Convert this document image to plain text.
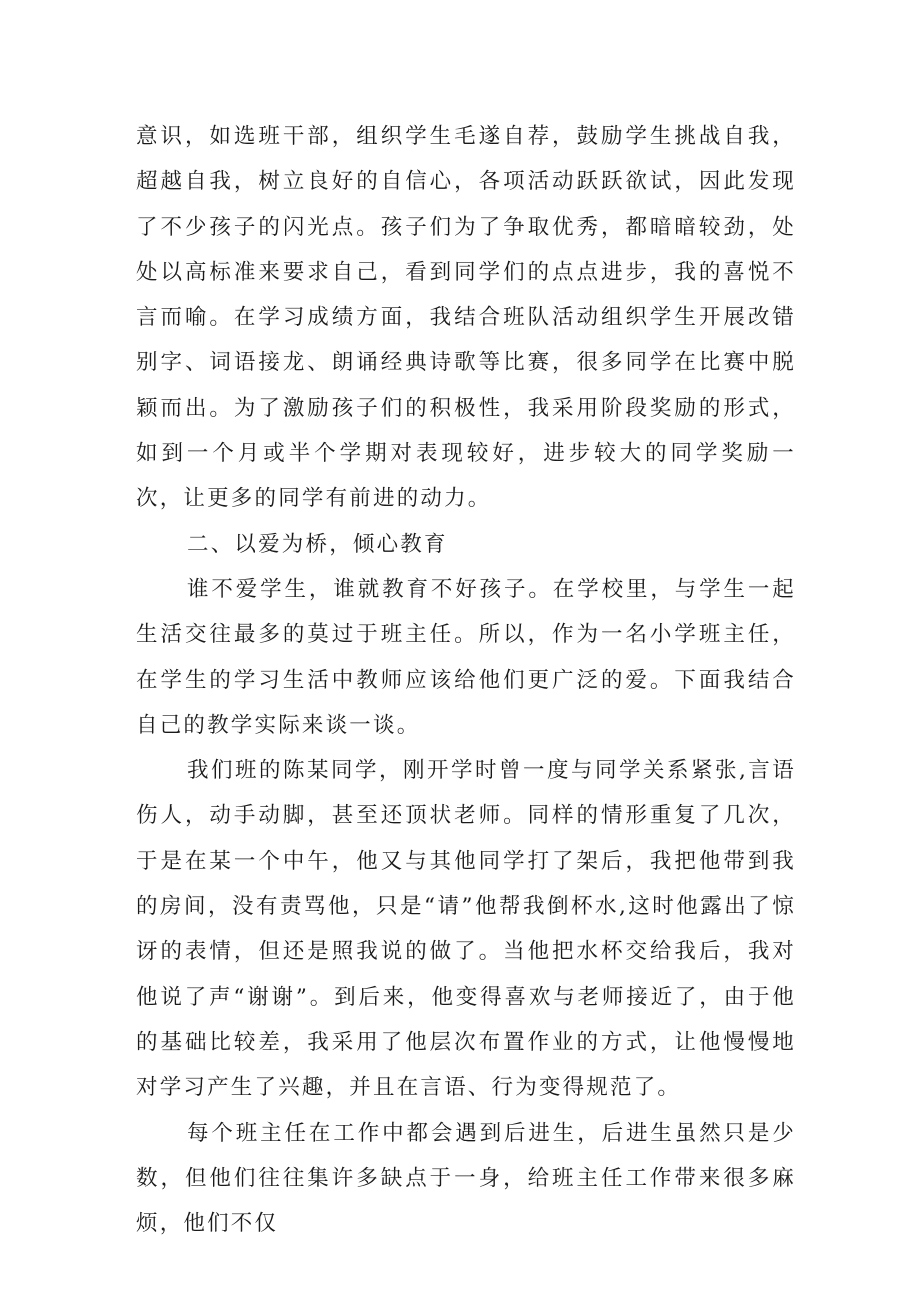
意识，如选班干部，组织学生毛遂自荐，鼓励学生挑战自我，超越自我，树立良好的自信心，各项活动跃跃欲试，因此发现了不少孩子的闪光点。孩子们为了争取优秀，都暗暗较劲，处处以高标准来要求自己，看到同学们的点点进步，我的喜悦不言而喻。在学习成绩方面，我结合班队活动组织学生开展改错别字、词语接龙、朗诵经典诗歌等比赛，很多同学在比赛中脱颖而出。为了激励孩子们的积极性，我采用阶段奖励的形式，如到一个月或半个学期对表现较好，进步较大的同学奖励一次，让更多的同学有前进的动力。

二、以爱为桥，倾心教育

谁不爱学生，谁就教育不好孩子。在学校里，与学生一起生活交往最多的莫过于班主任。所以，作为一名小学班主任，在学生的学习生活中教师应该给他们更广泛的爱。下面我结合自己的教学实际来谈一谈。

我们班的陈某同学，刚开学时曾一度与同学关系紧张,言语伤人，动手动脚，甚至还顶状老师。同样的情形重复了几次，于是在某一个中午，他又与其他同学打了架后，我把他带到我的房间，没有责骂他，只是“请”他帮我倒杯水,这时他露出了惊讶的表情，但还是照我说的做了。当他把水杯交给我后，我对他说了声“谢谢”。到后来，他变得喜欢与老师接近了，由于他的基础比较差，我采用了他层次布置作业的方式，让他慢慢地对学习产生了兴趣，并且在言语、行为变得规范了。

每个班主任在工作中都会遇到后进生，后进生虽然只是少数，但他们往往集许多缺点于一身，给班主任工作带来很多麻烦，他们不仅
